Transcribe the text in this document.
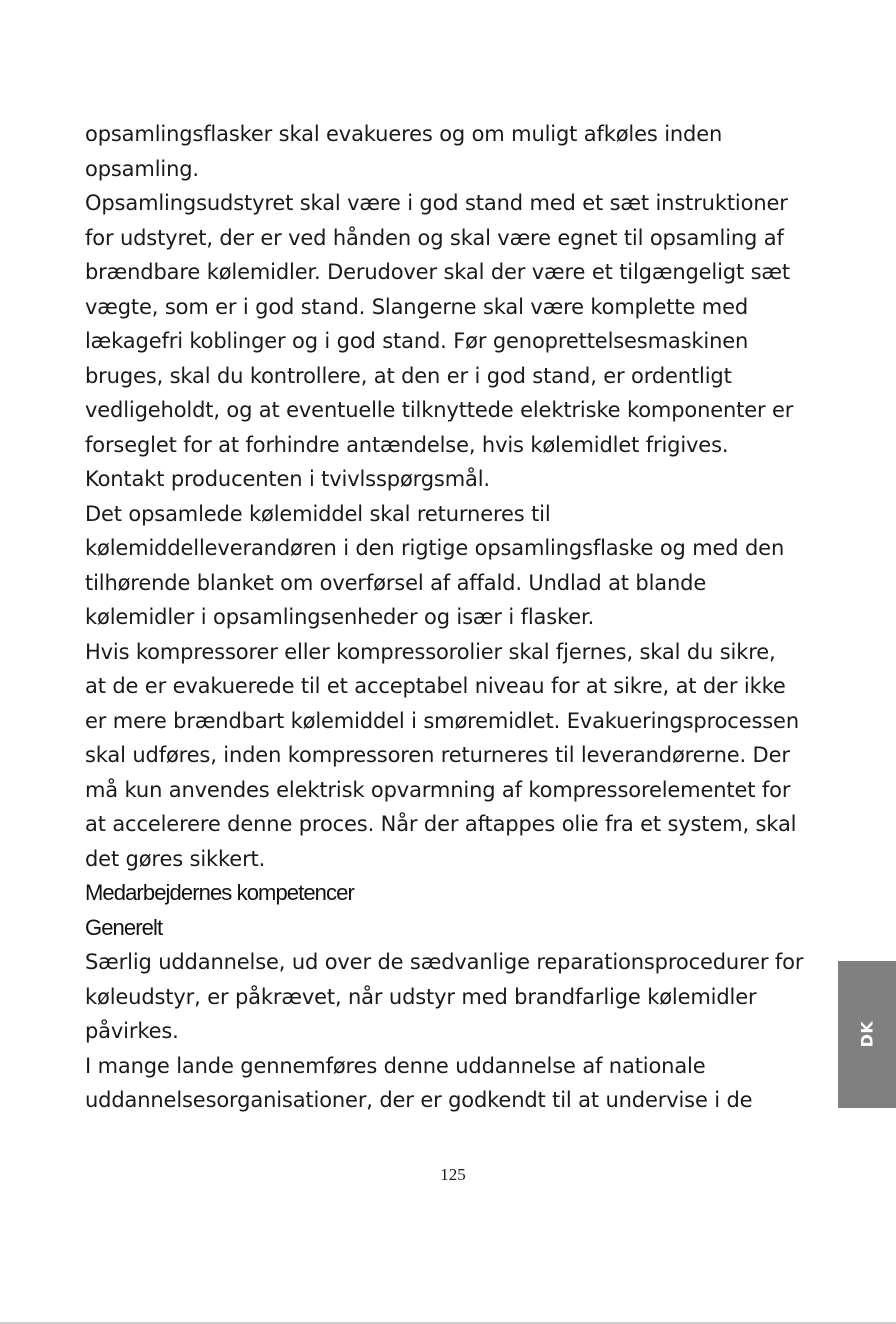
opsamlingsflasker skal evakueres og om muligt afkøles inden
opsamling.
Opsamlingsudstyret skal være i god stand med et sæt instruktioner
for udstyret, der er ved hånden og skal være egnet til opsamling af
brændbare kølemidler. Derudover skal der være et tilgængeligt sæt
vægte, som er i god stand. Slangerne skal være komplette med
lækagefri koblinger og i god stand. Før genoprettelsesmaskinen
bruges, skal du kontrollere, at den er i god stand, er ordentligt
vedligeholdt, og at eventuelle tilknyttede elektriske komponenter er
forseglet for at forhindre antændelse, hvis kølemidlet frigives.
Kontakt producenten i tvivlsspørgsmål.
Det opsamlede kølemiddel skal returneres til
kølemiddelleverandøren i den rigtige opsamlingsflaske og med den
tilhørende blanket om overførsel af affald. Undlad at blande
kølemidler i opsamlingsenheder og især i flasker.
Hvis kompressorer eller kompressorolier skal fjernes, skal du sikre,
at de er evakuerede til et acceptabel niveau for at sikre, at der ikke
er mere brændbart kølemiddel i smøremidlet. Evakueringsprocessen
skal udføres, inden kompressoren returneres til leverandørerne. Der
må kun anvendes elektrisk opvarmning af kompressorelementet for
at accelerere denne proces. Når der aftappes olie fra et system, skal
det gøres sikkert.
Medarbejdernes kompetencer
Generelt
Særlig uddannelse, ud over de sædvanlige reparationsprocedurer for
køleudstyr, er påkrævet, når udstyr med brandfarlige kølemidler
påvirkes.
I mange lande gennemføres denne uddannelse af nationale
uddannelsesorganisationer, der er godkendt til at undervise i de
125
DK
